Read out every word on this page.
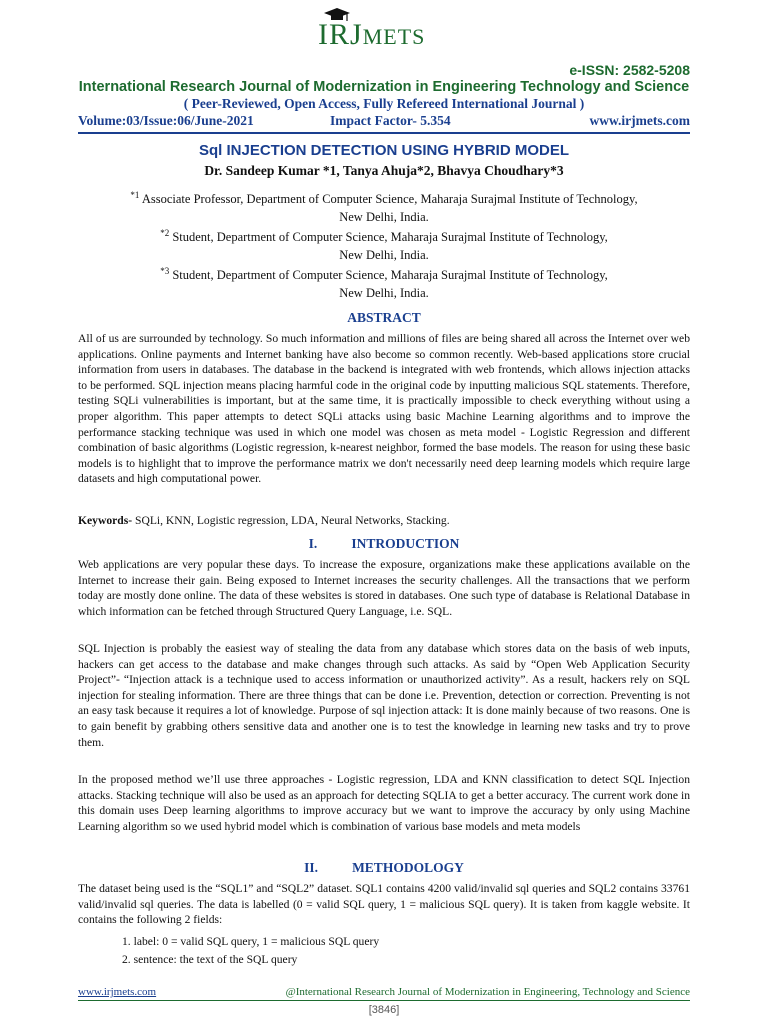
IRJMETS
e-ISSN: 2582-5208
International Research Journal of Modernization in Engineering Technology and Science
( Peer-Reviewed, Open Access, Fully Refereed International Journal )
Volume:03/Issue:06/June-2021	Impact Factor- 5.354	www.irjmets.com
Sql INJECTION DETECTION USING HYBRID MODEL
Dr. Sandeep Kumar *1, Tanya Ahuja*2, Bhavya Choudhary*3
$^{*1}$ Associate Professor, Department of Computer Science, Maharaja Surajmal Institute of Technology,
New Delhi, India.
$^{*2}$ Student, Department of Computer Science, Maharaja Surajmal Institute of Technology,
New Delhi, India.
$^{*3}$ Student, Department of Computer Science, Maharaja Surajmal Institute of Technology,
New Delhi, India.
ABSTRACT
All of us are surrounded by technology. So much information and millions of files are being shared all across the Internet over web applications. Online payments and Internet banking have also become so common recently. Web-based applications store crucial information from users in databases. The database in the backend is integrated with web frontends, which allows injection attacks to be performed. SQL injection means placing harmful code in the original code by inputting malicious SQL statements. Therefore, testing SQLi vulnerabilities is important, but at the same time, it is practically impossible to check everything without using a proper algorithm. This paper attempts to detect SQLi attacks using basic Machine Learning algorithms and to improve the performance stacking technique was used in which one model was chosen as meta model - Logistic Regression and different combination of basic algorithms (Logistic regression, k-nearest neighbor, formed the base models. The reason for using these basic models is to highlight that to improve the performance matrix we don't necessarily need deep learning models which require large datasets and high computational power.
Keywords- SQLi, KNN, Logistic regression, LDA, Neural Networks, Stacking.
I.	INTRODUCTION
Web applications are very popular these days. To increase the exposure, organizations make these applications available on the Internet to increase their gain. Being exposed to Internet increases the security challenges. All the transactions that we perform today are mostly done online. The data of these websites is stored in databases. One such type of database is Relational Database in which information can be fetched through Structured Query Language, i.e. SQL.
SQL Injection is probably the easiest way of stealing the data from any database which stores data on the basis of web inputs, hackers can get access to the database and make changes through such attacks. As said by “Open Web Application Security Project”- “Injection attack is a technique used to access information or unauthorized activity”. As a result, hackers rely on SQL injection for stealing information. There are three things that can be done i.e. Prevention, detection or correction. Preventing is not an easy task because it requires a lot of knowledge. Purpose of sql injection attack: It is done mainly because of two reasons. One is to gain benefit by grabbing others sensitive data and another one is to test the knowledge in learning new tasks and try to prove them.
In the proposed method we’ll use three approaches - Logistic regression, LDA and KNN classification to detect SQL Injection attacks. Stacking technique will also be used as an approach for detecting SQLIA to get a better accuracy. The current work done in this domain uses Deep learning algorithms to improve accuracy but we want to improve the accuracy by only using Machine Learning algorithm so we used hybrid model which is combination of various base models and meta models
II.	METHODOLOGY
The dataset being used is the “SQL1” and “SQL2” dataset. SQL1 contains 4200 valid/invalid sql queries and SQL2 contains 33761 valid/invalid sql queries. The data is labelled (0 = valid SQL query, 1 = malicious SQL query). It is taken from kaggle website. It contains the following 2 fields:
1. label: 0 = valid SQL query, 1 = malicious SQL query
2. sentence: the text of the SQL query
www.irjmets.com	@International Research Journal of Modernization in Engineering, Technology and Science
[3846]
